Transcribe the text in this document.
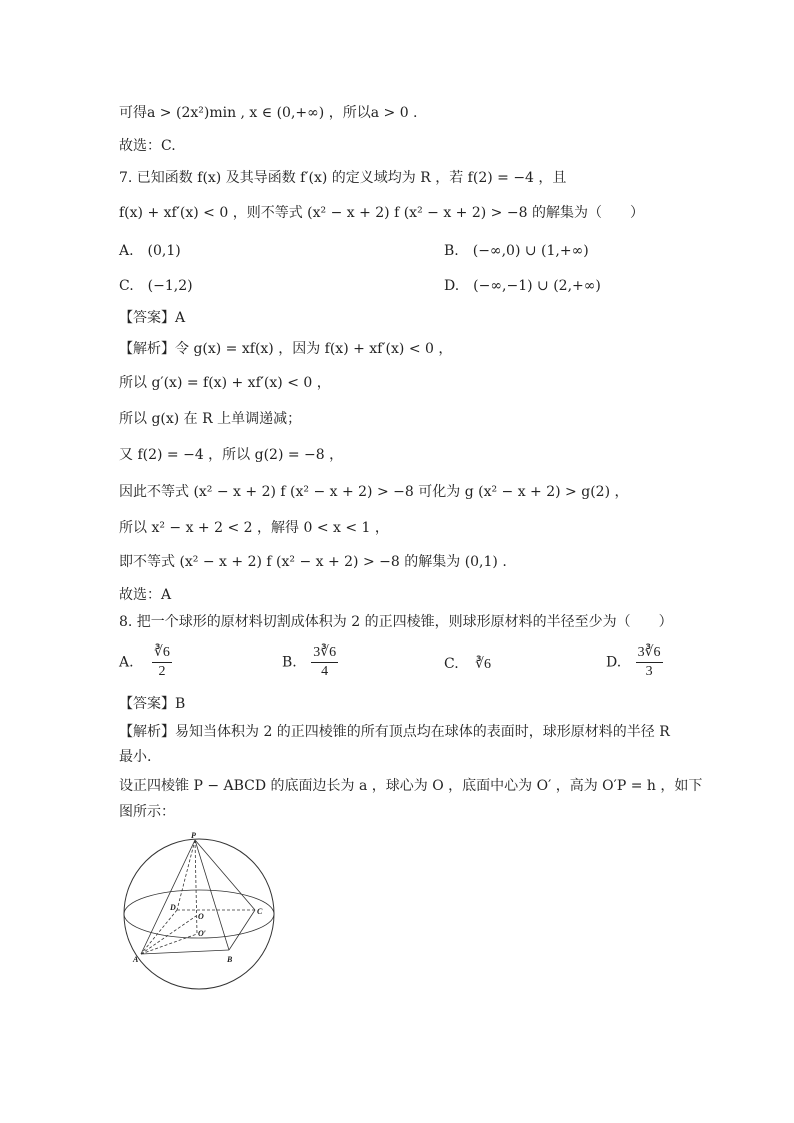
可得a > (2x²)min , x ∈ (0,+∞) ，所以a > 0 .
故选：C.
7. 已知函数 f(x) 及其导函数 f′(x) 的定义域均为 R ，若 f(2) = −4 ，且
f(x) + xf′(x) < 0 ，则不等式 (x² − x + 2) f (x² − x + 2) > −8 的解集为（　　）
A.　(0,1)	B.　(−∞,0) ∪ (1,+∞)
C.　(−1,2)	D.　(−∞,−1) ∪ (2,+∞)
【答案】A
【解析】令 g(x) = xf(x) ，因为 f(x) + xf′(x) < 0 ，
所以 g′(x) = f(x) + xf′(x) < 0 ，
所以 g(x) 在 R 上单调递减；
又 f(2) = −4 ，所以 g(2) = −8 ，
因此不等式 (x² − x + 2) f (x² − x + 2) > −8 可化为 g (x² − x + 2) > g(2) ，
所以 x² − x + 2 < 2 ，解得 0 < x < 1 ，
即不等式 (x² − x + 2) f (x² − x + 2) > −8 的解集为 (0,1) .
故选：A
8. 把一个球形的原材料切割成体积为 2 的正四棱锥，则球形原材料的半径至少为（　　）
A. $\frac{∛6}{2}$	B. $\frac{3∛6}{4}$	C. ∛6	D. $\frac{3∛6}{3}$
【答案】B
【解析】易知当体积为 2 的正四棱锥的所有顶点均在球体的表面时，球形原材料的半径 R
最小.
设正四棱锥 P − ABCD 的底面边长为 a ，球心为 O ，底面中心为 O′ ，高为 O′P = h ，如下
图所示：
P
A	B
C
D
O
O′
